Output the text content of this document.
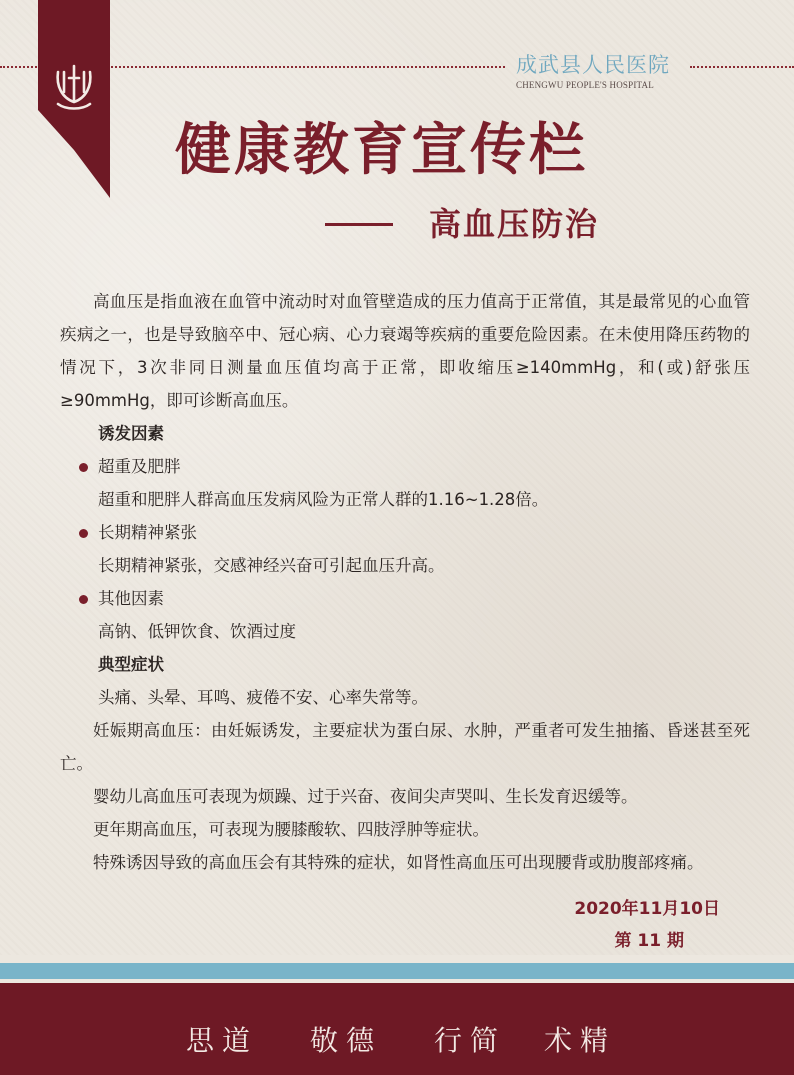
成武县人民医院
CHENGWU PEOPLE'S HOSPITAL
健康教育宣传栏
高血压防治

高血压是指血液在血管中流动时对血管壁造成的压力值高于正常值，其是最常见的心血管疾病之一，也是导致脑卒中、冠心病、心力衰竭等疾病的重要危险因素。在未使用降压药物的情况下，3次非同日测量血压值均高于正常，即收缩压≥140mmHg，和(或)舒张压≥90mmHg，即可诊断高血压。

诱发因素

超重及肥胖

超重和肥胖人群高血压发病风险为正常人群的1.16~1.28倍。

长期精神紧张

长期精神紧张，交感神经兴奋可引起血压升高。

其他因素

高钠、低钾饮食、饮酒过度

典型症状

头痛、头晕、耳鸣、疲倦不安、心率失常等。

妊娠期高血压：由妊娠诱发，主要症状为蛋白尿、水肿，严重者可发生抽搐、昏迷甚至死亡。

婴幼儿高血压可表现为烦躁、过于兴奋、夜间尖声哭叫、生长发育迟缓等。

更年期高血压，可表现为腰膝酸软、四肢浮肿等症状。

特殊诱因导致的高血压会有其特殊的症状，如肾性高血压可出现腰背或肋腹部疼痛。

2020年11月10日
第 11 期
思道 敬德 行简 术精
